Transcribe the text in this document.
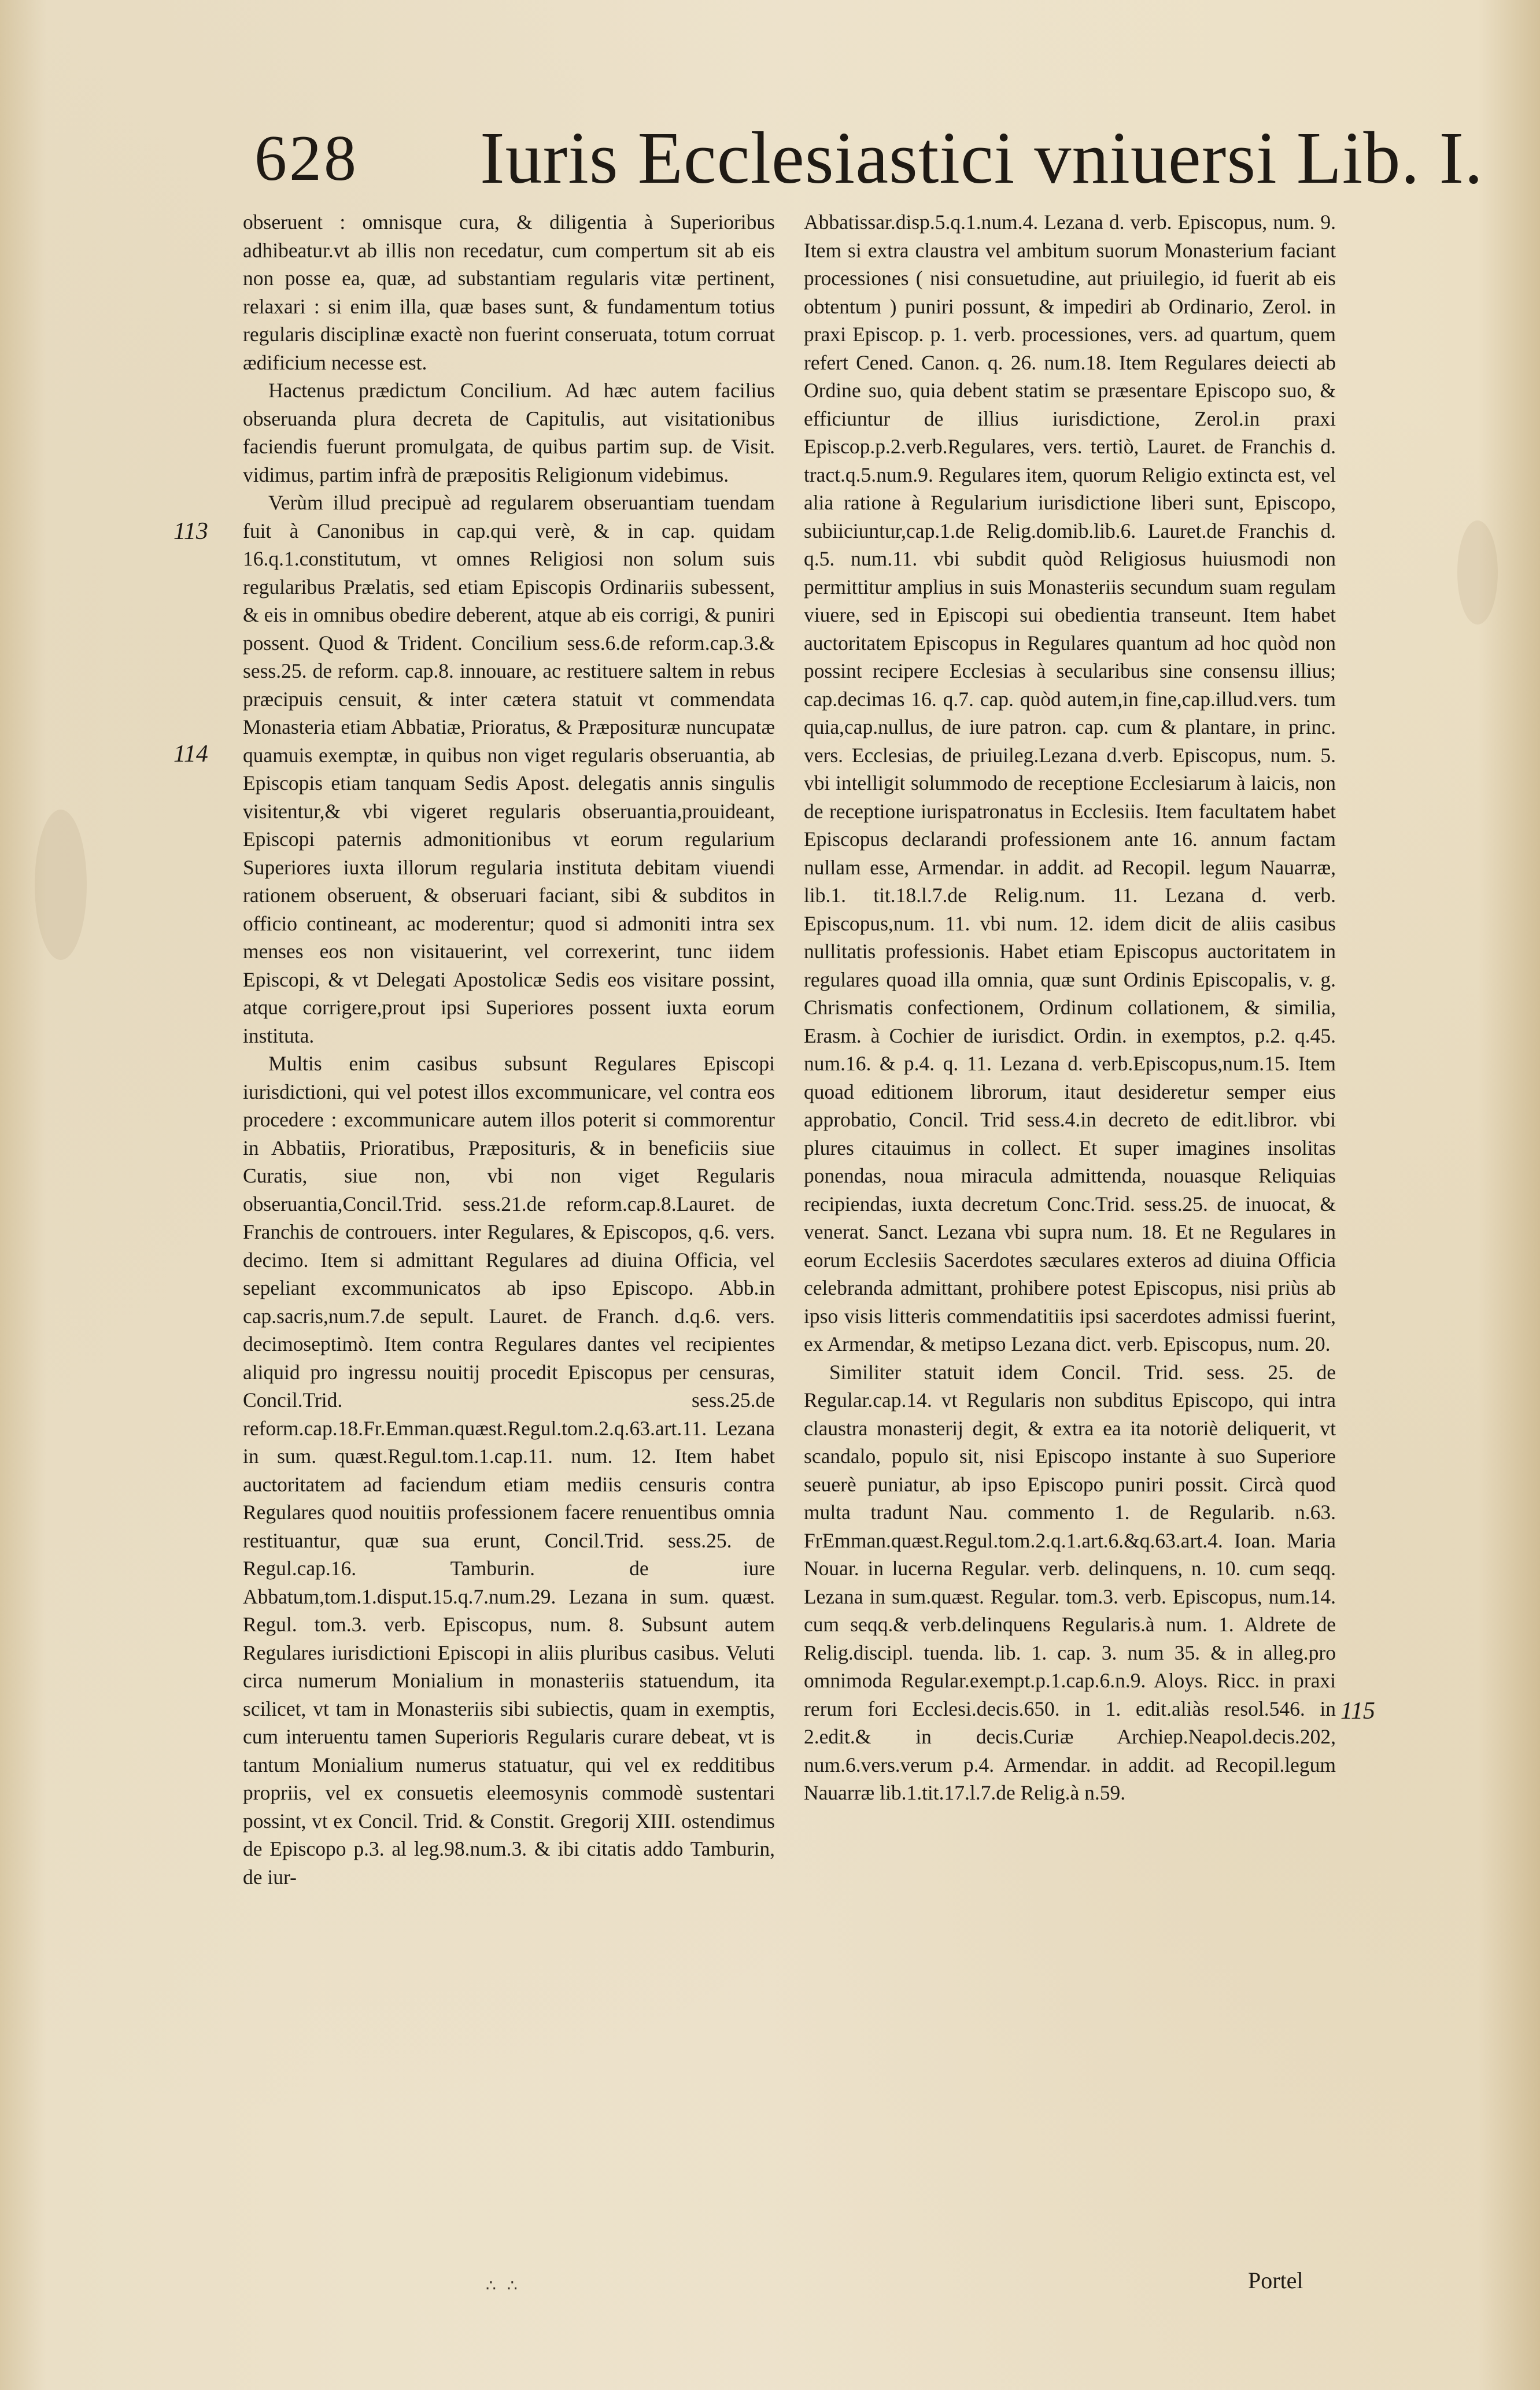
628 Iuris Ecclesiastici vniuersi Lib. I.
113
114
115

obseruent : omnisque cura, & diligentia à Superioribus adhibeatur.vt ab illis non recedatur, cum compertum sit ab eis non posse ea, quæ, ad substantiam regularis vitæ pertinent, relaxari : si enim illa, quæ bases sunt, & fundamentum totius regularis disciplinæ exactè non fuerint conseruata, totum corruat ædificium necesse est.

Hactenus prædictum Concilium. Ad hæc autem facilius obseruanda plura decreta de Capitulis, aut visitationibus faciendis fuerunt promulgata, de quibus partim sup. de Visit. vidimus, partim infrà de præpositis Religionum videbimus.

Verùm illud precipuè ad regularem obseruantiam tuendam fuit à Canonibus in cap.qui verè, & in cap. quidam 16.q.1.constitutum, vt omnes Religiosi non solum suis regularibus Prælatis, sed etiam Episcopis Ordinariis subessent, & eis in omnibus obedire deberent, atque ab eis corrigi, & puniri possent. Quod & Trident. Concilium sess.6.de reform.cap.3.& sess.25. de reform. cap.8. innouare, ac restituere saltem in rebus præcipuis censuit, & inter cætera statuit vt commendata Monasteria etiam Abbatiæ, Prioratus, & Præposituræ nuncupatæ quamuis exemptæ, in quibus non viget regularis obseruantia, ab Episcopis etiam tanquam Sedis Apost. delegatis annis singulis visitentur,& vbi vigeret regularis obseruantia,prouideant, Episcopi paternis admonitionibus vt eorum regularium Superiores iuxta illorum regularia instituta debitam viuendi rationem obseruent, & obseruari faciant, sibi & subditos in officio contineant, ac moderentur; quod si admoniti intra sex menses eos non visitauerint, vel correxerint, tunc iidem Episcopi, & vt Delegati Apostolicæ Sedis eos visitare possint, atque corrigere,prout ipsi Superiores possent iuxta eorum instituta.

Multis enim casibus subsunt Regulares Episcopi iurisdictioni, qui vel potest illos excommunicare, vel contra eos procedere : excommunicare autem illos poterit si commorentur in Abbatiis, Prioratibus, Præposituris, & in beneficiis siue Curatis, siue non, vbi non viget Regularis obseruantia,Concil.Trid. sess.21.de reform.cap.8.Lauret. de Franchis de controuers. inter Regulares, & Episcopos, q.6. vers. decimo. Item si admittant Regulares ad diuina Officia, vel sepeliant excommunicatos ab ipso Episcopo. Abb.in cap.sacris,num.7.de sepult. Lauret. de Franch. d.q.6. vers. decimoseptimò. Item contra Regulares dantes vel recipientes aliquid pro ingressu nouitij procedit Episcopus per censuras, Concil.Trid. sess.25.de reform.cap.18.Fr.Emman.quæst.Regul.tom.2.q.63.art.11. Lezana in sum. quæst.Regul.tom.1.cap.11. num. 12. Item habet auctoritatem ad faciendum etiam mediis censuris contra Regulares quod nouitiis professionem facere renuentibus omnia restituantur, quæ sua erunt, Concil.Trid. sess.25. de Regul.cap.16. Tamburin. de iure Abbatum,tom.1.disput.15.q.7.num.29. Lezana in sum. quæst. Regul. tom.3. verb. Episcopus, num. 8. Subsunt autem Regulares iurisdictioni Episcopi in aliis pluribus casibus. Veluti circa numerum Monialium in monasteriis statuendum, ita scilicet, vt tam in Monasteriis sibi subiectis, quam in exemptis, cum interuentu tamen Superioris Regularis curare debeat, vt is tantum Monialium numerus statuatur, qui vel ex redditibus propriis, vel ex consuetis eleemosynis commodè sustentari possint, vt ex Concil. Trid. & Constit. Gregorij XIII. ostendimus de Episcopo p.3. al leg.98.num.3. & ibi citatis addo Tamburin, de iur-

Abbatissar.disp.5.q.1.num.4. Lezana d. verb. Episcopus, num. 9. Item si extra claustra vel ambitum suorum Monasterium faciant processiones ( nisi consuetudine, aut priuilegio, id fuerit ab eis obtentum ) puniri possunt, & impediri ab Ordinario, Zerol. in praxi Episcop. p. 1. verb. processiones, vers. ad quartum, quem refert Cened. Canon. q. 26. num.18. Item Regulares deiecti ab Ordine suo, quia debent statim se præsentare Episcopo suo, & efficiuntur de illius iurisdictione, Zerol.in praxi Episcop.p.2.verb.Regulares, vers. tertiò, Lauret. de Franchis d. tract.q.5.num.9. Regulares item, quorum Religio extincta est, vel alia ratione à Regularium iurisdictione liberi sunt, Episcopo, subiiciuntur,cap.1.de Relig.domib.lib.6. Lauret.de Franchis d. q.5. num.11. vbi subdit quòd Religiosus huiusmodi non permittitur amplius in suis Monasteriis secundum suam regulam viuere, sed in Episcopi sui obedientia transeunt. Item habet auctoritatem Episcopus in Regulares quantum ad hoc quòd non possint recipere Ecclesias à secularibus sine consensu illius; cap.decimas 16. q.7. cap. quòd autem,in fine,cap.illud.vers. tum quia,cap.nullus, de iure patron. cap. cum & plantare, in princ. vers. Ecclesias, de priuileg.Lezana d.verb. Episcopus, num. 5. vbi intelligit solummodo de receptione Ecclesiarum à laicis, non de receptione iurispatronatus in Ecclesiis. Item facultatem habet Episcopus declarandi professionem ante 16. annum factam nullam esse, Armendar. in addit. ad Recopil. legum Nauarræ, lib.1. tit.18.l.7.de Relig.num. 11. Lezana d. verb. Episcopus,num. 11. vbi num. 12. idem dicit de aliis casibus nullitatis professionis. Habet etiam Episcopus auctoritatem in regulares quoad illa omnia, quæ sunt Ordinis Episcopalis, v. g. Chrismatis confectionem, Ordinum collationem, & similia, Erasm. à Cochier de iurisdict. Ordin. in exemptos, p.2. q.45. num.16. & p.4. q. 11. Lezana d. verb.Episcopus,num.15. Item quoad editionem librorum, itaut desideretur semper eius approbatio, Concil. Trid sess.4.in decreto de edit.libror. vbi plures citauimus in collect. Et super imagines insolitas ponendas, noua miracula admittenda, nouasque Reliquias recipiendas, iuxta decretum Conc.Trid. sess.25. de inuocat, & venerat. Sanct. Lezana vbi supra num. 18. Et ne Regulares in eorum Ecclesiis Sacerdotes sæculares exteros ad diuina Officia celebranda admittant, prohibere potest Episcopus, nisi priùs ab ipso visis litteris commendatitiis ipsi sacerdotes admissi fuerint, ex Armendar, & metipso Lezana dict. verb. Episcopus, num. 20.

Similiter statuit idem Concil. Trid. sess. 25. de Regular.cap.14. vt Regularis non subditus Episcopo, qui intra claustra monasterij degit, & extra ea ita notoriè deliquerit, vt scandalo, populo sit, nisi Episcopo instante à suo Superiore seuerè puniatur, ab ipso Episcopo puniri possit. Circà quod multa tradunt Nau. commento 1. de Regularib. n.63. FrEmman.quæst.Regul.tom.2.q.1.art.6.&q.63.art.4. Ioan. Maria Nouar. in lucerna Regular. verb. delinquens, n. 10. cum seqq. Lezana in sum.quæst. Regular. tom.3. verb. Episcopus, num.14. cum seqq.& verb.delinquens Regularis.à num. 1. Aldrete de Relig.discipl. tuenda. lib. 1. cap. 3. num 35. & in alleg.pro omnimoda Regular.exempt.p.1.cap.6.n.9. Aloys. Ricc. in praxi rerum fori Ecclesi.decis.650. in 1. edit.aliàs resol.546. in 2.edit.& in decis.Curiæ Archiep.Neapol.decis.202, num.6.vers.verum p.4. Armendar. in addit. ad Recopil.legum Nauarræ lib.1.tit.17.l.7.de Relig.à n.59.

∴ ∴	Portel
